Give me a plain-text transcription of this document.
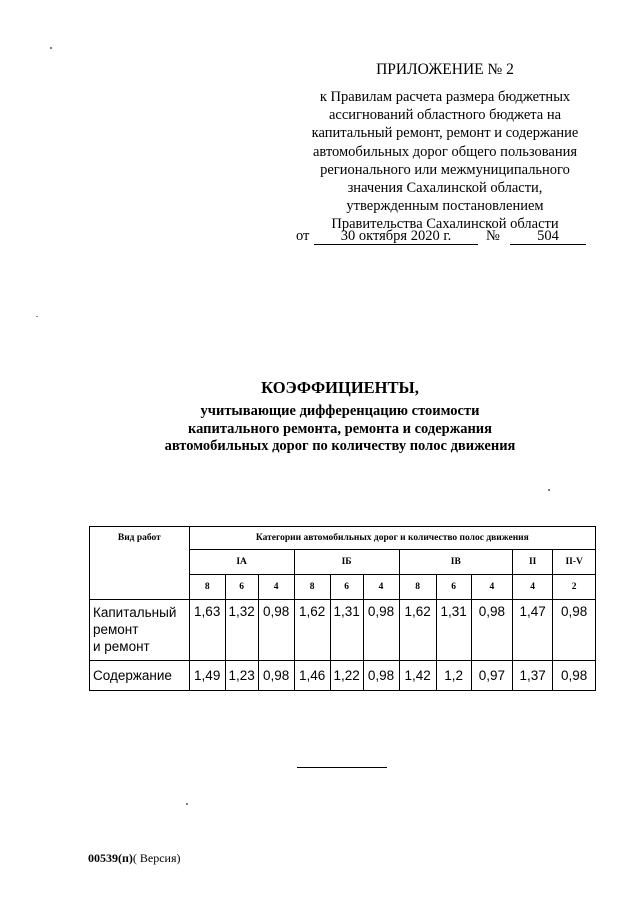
ПРИЛОЖЕНИЕ № 2
к Правилам расчета размера бюджетных
ассигнований областного бюджета на
капитальный ремонт, ремонт и содержание
автомобильных дорог общего пользования
регионального или межмуниципального
значения Сахалинской области,
утвержденным постановлением
Правительства Сахалинской области
от	30 октября 2020 г.	№	504
КОЭФФИЦИЕНТЫ,
учитывающие дифференцацию стоимости
капитального ремонта, ремонта и содержания
автомобильных дорог по количеству полос движения
Вид работ	Категории автомобильных дорог и количество полос движения										
	IA			IБ			IВ			II	II-V
	8	6	4	8	6	4	8	6	4	4	2

Капитальный
ремонт
и ремонт	1,63	1,32	0,98	1,62	1,31	0,98	1,62	1,31	0,98	1,47	0,98
Содержание	1,49	1,23	0,98	1,46	1,22	0,98	1,42	1,2	0,97	1,37	0,98
00539(п)( Версия)
